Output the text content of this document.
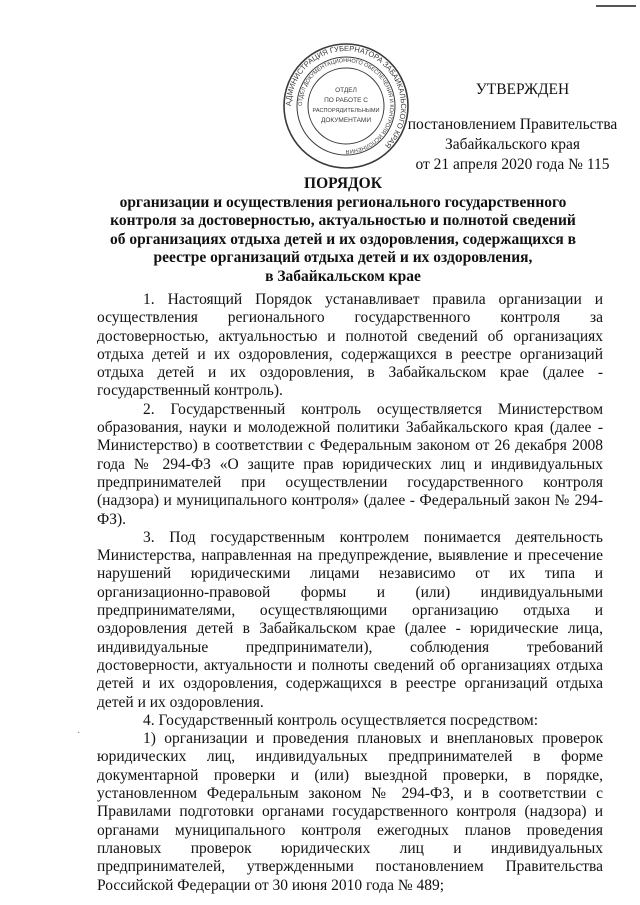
АДМИНИСТРАЦИЯ ГУБЕРНАТОРА ЗАБАЙКАЛЬСКОГО КРАЯ
ОТДЕЛ ДОКУМЕНТАЦИОННОГО ОБЕСПЕЧЕНИЯ И КОНТРОЛЯ ИСПОЛНЕНИЯ
ОТДЕЛ
ПО РАБОТЕ С
РАСПОРЯДИТЕЛЬНЫМИ
ДОКУМЕНТАМИ
УТВЕРЖДЕН
постановлением Правительства
Забайкальского края
от 21 апреля 2020 года № 115
ПОРЯДОК
организации и осуществления регионального государственного
контроля за достоверностью, актуальностью и полнотой сведений
об организациях отдыха детей и их оздоровления, содержащихся в
реестре организаций отдыха детей и их оздоровления,
в Забайкальском крае

1. Настоящий Порядок устанавливает правила организации и осуществления регионального государственного контроля за достоверностью, актуальностью и полнотой сведений об организациях отдыха детей и их оздоровления, содержащихся в реестре организаций отдыха детей и их оздоровления, в Забайкальском крае (далее - государственный контроль).

2. Государственный контроль осуществляется Министерством образования, науки и молодежной политики Забайкальского края (далее - Министерство) в соответствии с Федеральным законом от 26 декабря 2008 года № 294-ФЗ «О защите прав юридических лиц и индивидуальных предпринимателей при осуществлении государственного контроля (надзора) и муниципального контроля» (далее - Федеральный закон № 294-ФЗ).

3. Под государственным контролем понимается деятельность Министерства, направленная на предупреждение, выявление и пресечение нарушений юридическими лицами независимо от их типа и организационно-правовой формы и (или) индивидуальными предпринимателями, осуществляющими организацию отдыха и оздоровления детей в Забайкальском крае (далее - юридические лица, индивидуальные предприниматели), соблюдения требований достоверности, актуальности и полноты сведений об организациях отдыха детей и их оздоровления, содержащихся в реестре организаций отдыха детей и их оздоровления.

4. Государственный контроль осуществляется посредством:

1) организации и проведения плановых и внеплановых проверок юридических лиц, индивидуальных предпринимателей в форме документарной проверки и (или) выездной проверки, в порядке, установленном Федеральным законом № 294-ФЗ, и в соответствии с Правилами подготовки органами государственного контроля (надзора) и органами муниципального контроля ежегодных планов проведения плановых проверок юридических лиц и индивидуальных предпринимателей, утвержденными постановлением Правительства Российской Федерации от 30 июня 2010 года № 489;

·
